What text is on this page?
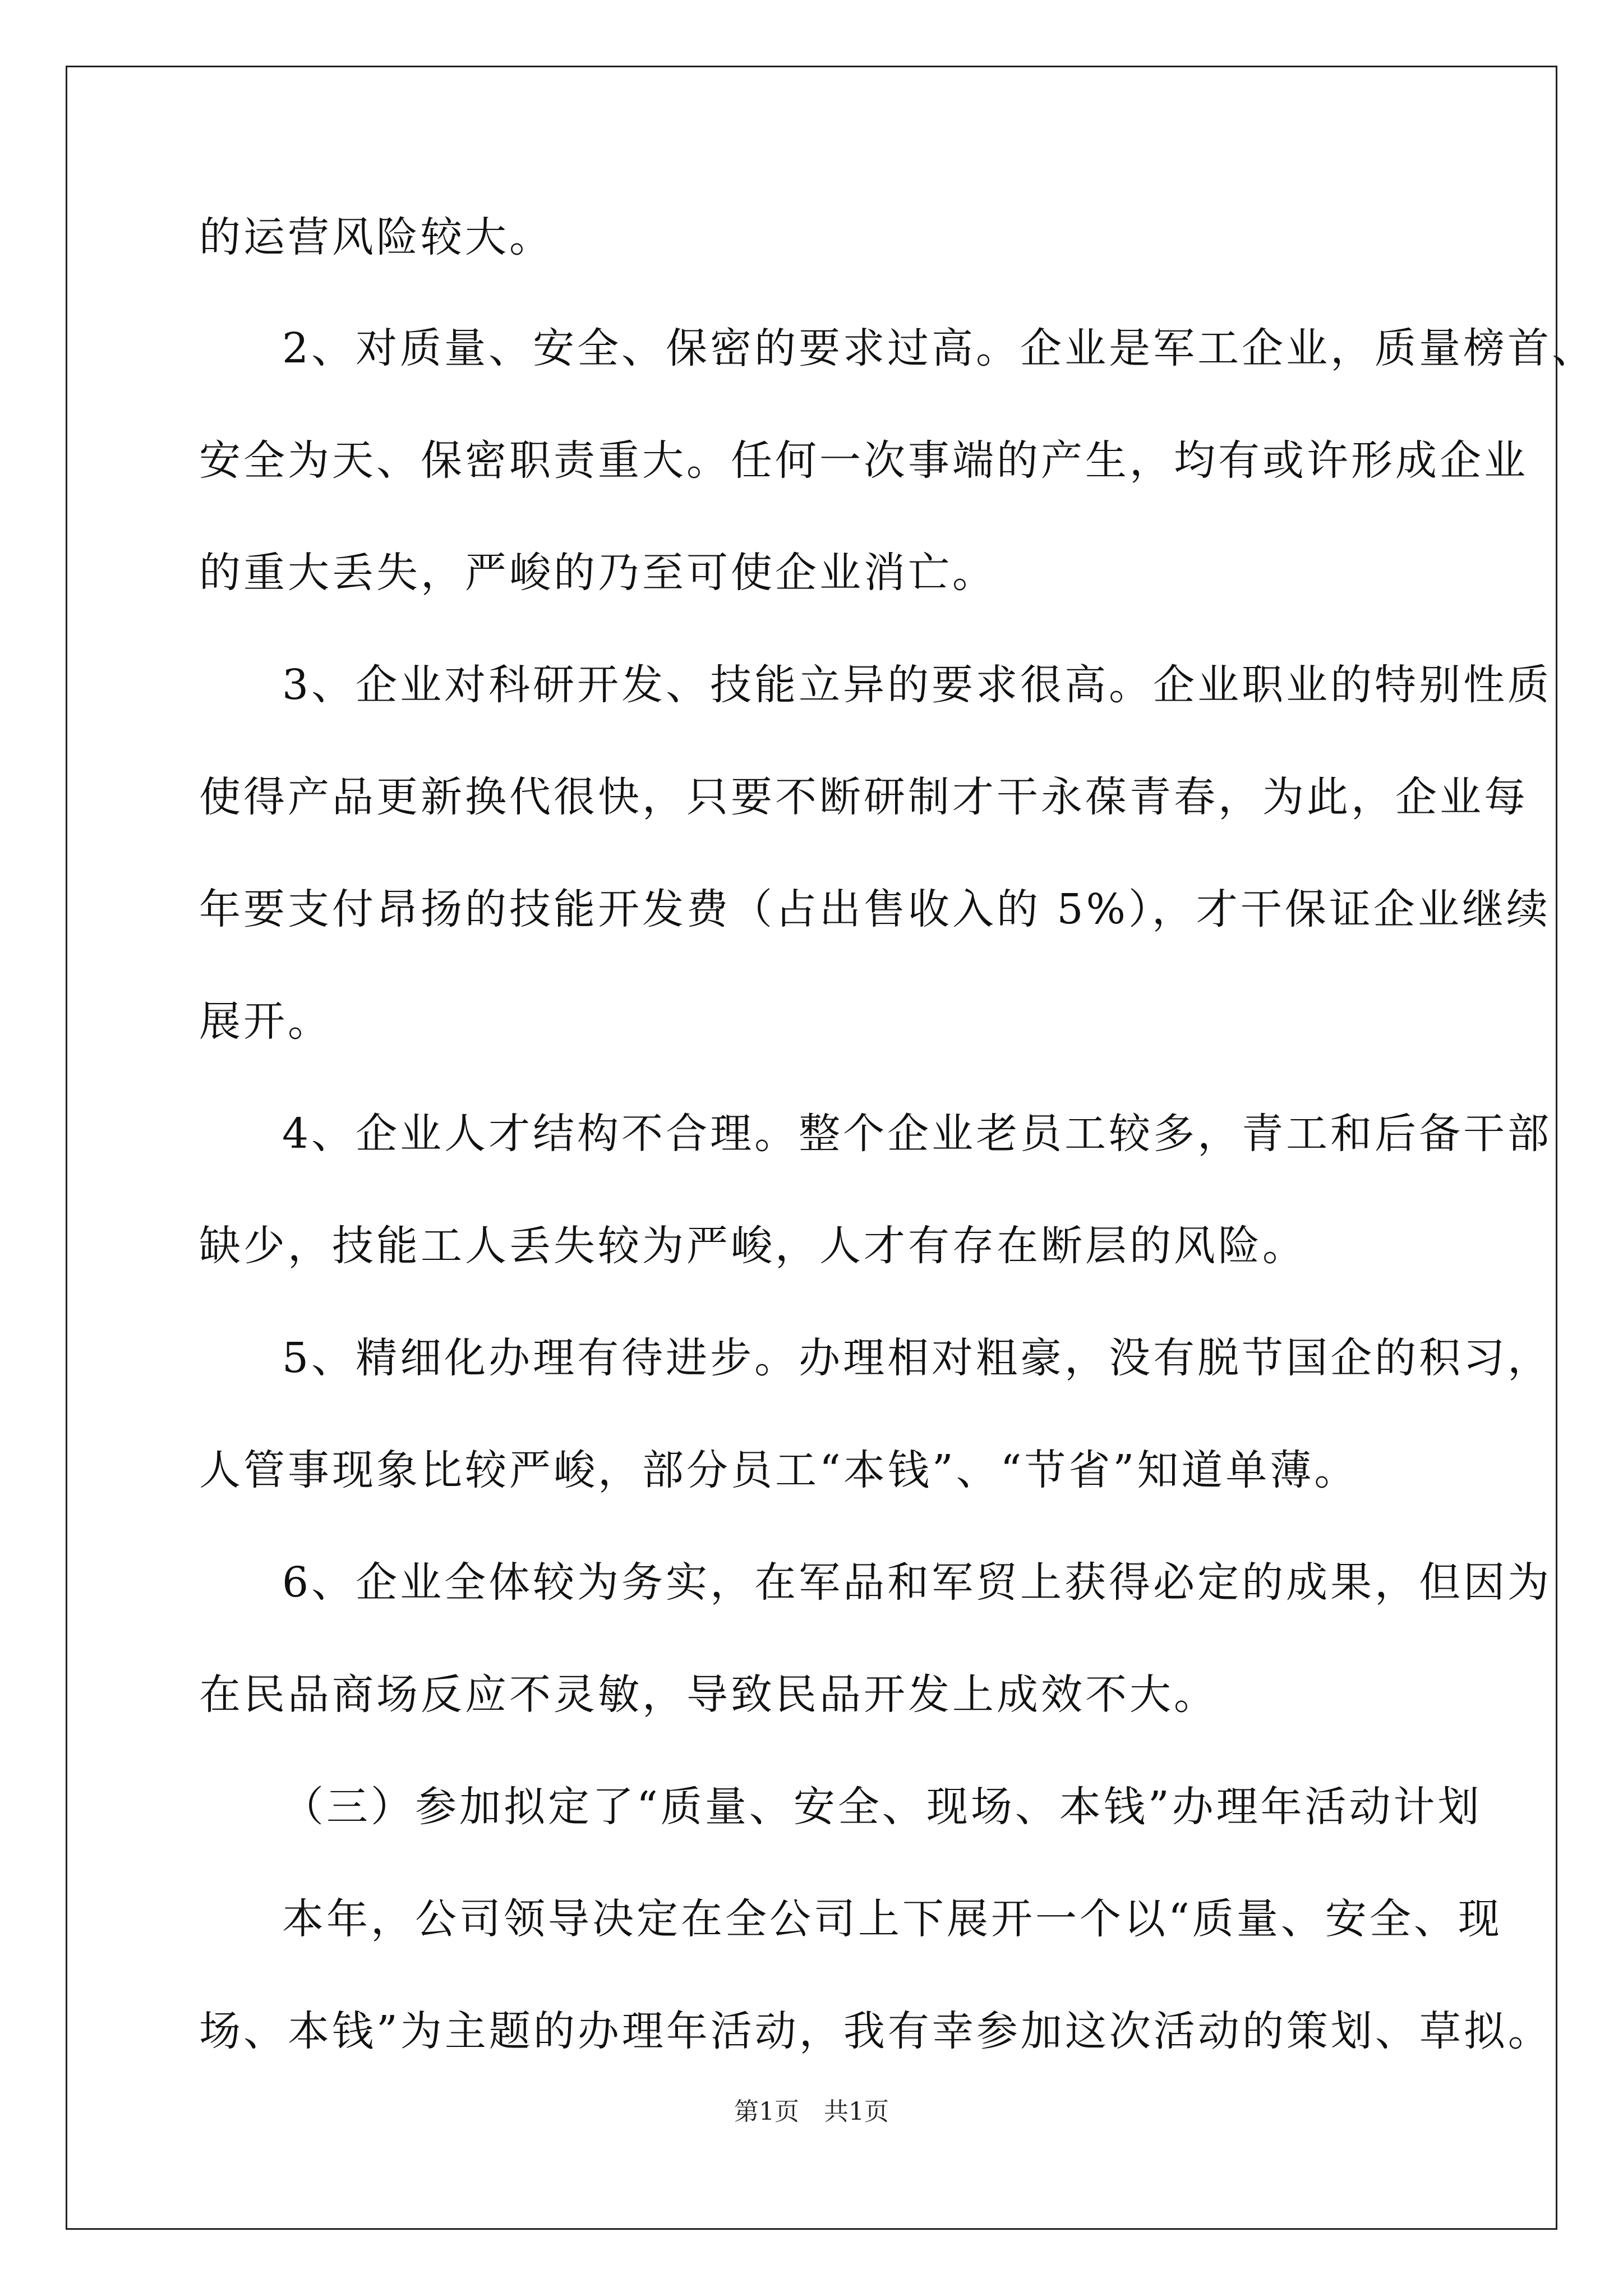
的运营风险较大。
2、对质量、安全、保密的要求过高。企业是军工企业，质量榜首、
安全为天、保密职责重大。任何一次事端的产生，均有或许形成企业
的重大丢失，严峻的乃至可使企业消亡。
3、企业对科研开发、技能立异的要求很高。企业职业的特别性质
使得产品更新换代很快，只要不断研制才干永葆青春，为此，企业每
年要支付昂扬的技能开发费（占出售收入的 5%），才干保证企业继续
展开。
4、企业人才结构不合理。整个企业老员工较多，青工和后备干部
缺少，技能工人丢失较为严峻，人才有存在断层的风险。
5、精细化办理有待进步。办理相对粗豪，没有脱节国企的积习，
人管事现象比较严峻，部分员工“本钱”、“节省”知道单薄。
6、企业全体较为务实，在军品和军贸上获得必定的成果，但因为
在民品商场反应不灵敏，导致民品开发上成效不大。
（三）参加拟定了“质量、安全、现场、本钱”办理年活动计划
本年，公司领导决定在全公司上下展开一个以“质量、安全、现
场、本钱”为主题的办理年活动，我有幸参加这次活动的策划、草拟。
第1页　共1页
